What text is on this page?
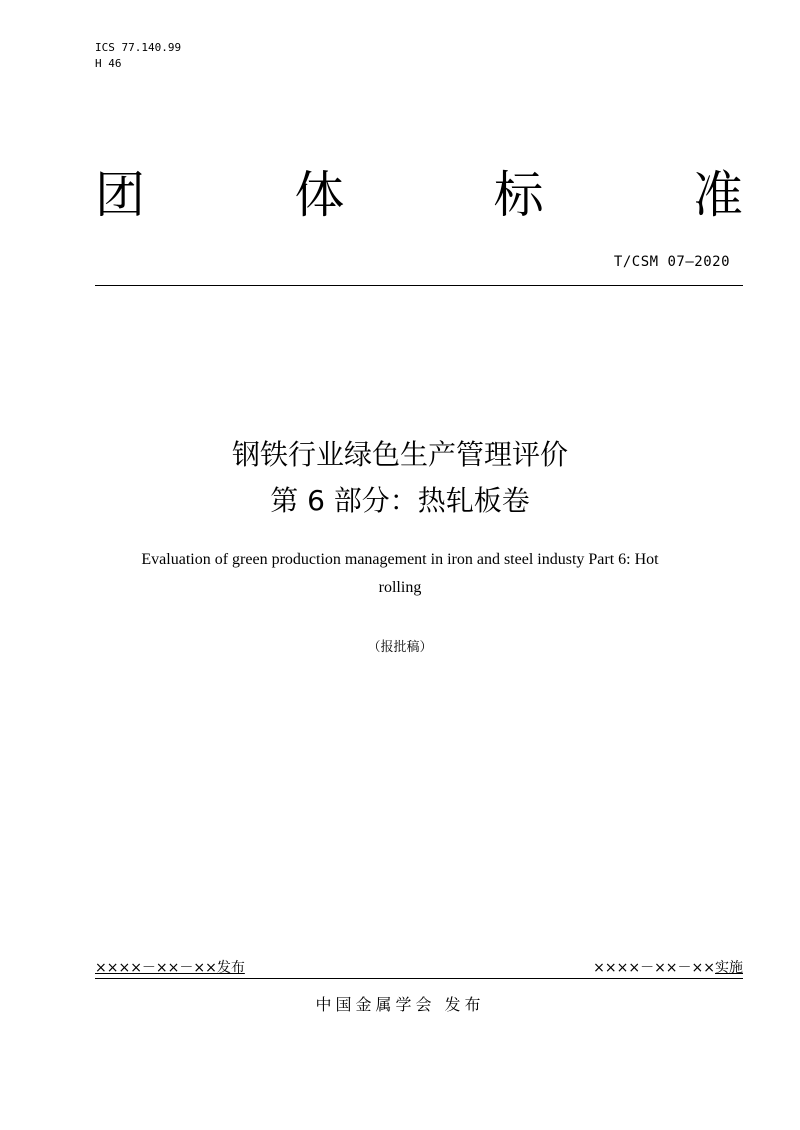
ICS 77.140.99
H 46
团	体	标	准
T/CSM 07—2020
钢铁行业绿色生产管理评价
第 6 部分：热轧板卷
Evaluation of green production management in iron and steel industy Part 6: Hot
rolling
（报批稿）
××××－××－××发布	××××－××－××实施
中国金属学会 发布
